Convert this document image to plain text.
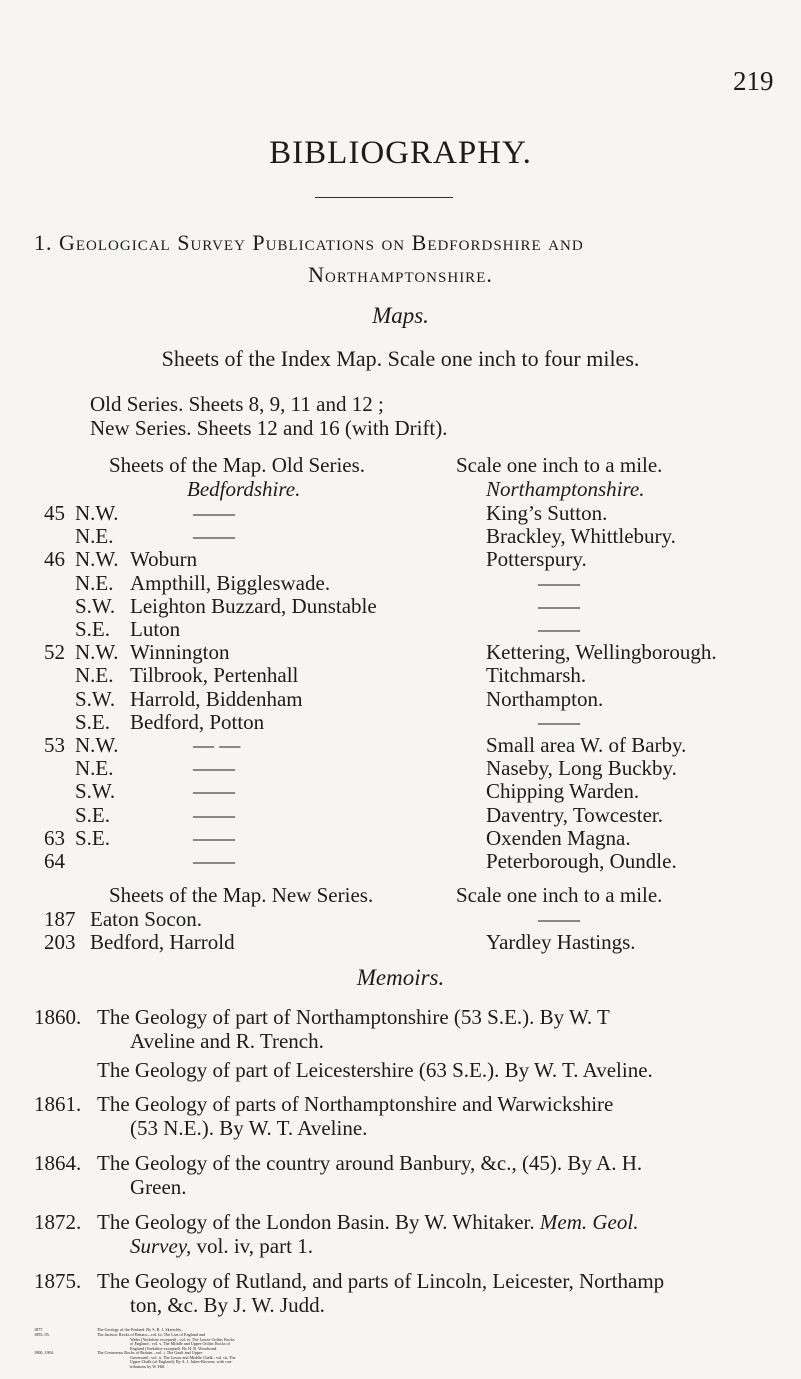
219
BIBLIOGRAPHY.
1. Geological Survey Publications on Bedfordshire and
Northamptonshire.
Maps.
Sheets of the Index Map. Scale one inch to four miles.
Old Series. Sheets 8, 9, 11 and 12 ;
New Series. Sheets 12 and 16 (with Drift).
Sheets of the Map. Old Series.	Scale one inch to a mile.
Bedfordshire.	Northamptonshire.
45 N.W.	——	King’s Sutton.
N.E.	——	Brackley, Whittlebury.
46 N.W. Woburn	Potterspury.
N.E. Ampthill, Biggleswade.	——
S.W. Leighton Buzzard, Dunstable	——
S.E. Luton	——
52 N.W. Winnington	Kettering, Wellingborough.
N.E. Tilbrook, Pertenhall	Titchmarsh.
S.W. Harrold, Biddenham	Northampton.
S.E. Bedford, Potton	——
53 N.W.	— —	Small area W. of Barby.
N.E.	——	Naseby, Long Buckby.
S.W.	——	Chipping Warden.
S.E.	——	Daventry, Towcester.
63 S.E.	——	Oxenden Magna.
64	——	Peterborough, Oundle.
Sheets of the Map. New Series.	Scale one inch to a mile.
187 Eaton Socon.	——
203 Bedford, Harrold	Yardley Hastings.
Memoirs.
1860. The Geology of part of Northamptonshire (53 S.E.). By W. T
Aveline and R. Trench.
The Geology of part of Leicestershire (63 S.E.). By W. T. Aveline.
1861. The Geology of parts of Northamptonshire and Warwickshire
(53 N.E.). By W. T. Aveline.
1864. The Geology of the country around Banbury, &c., (45). By A. H.
Green.
1872. The Geology of the London Basin. By W. Whitaker. Mem. Geol.
Survey, vol. iv, part 1.
1875. The Geology of Rutland, and parts of Lincoln, Leicester, Northamp
ton, &c. By J. W. Judd.
1877.	The Geology of the Fenland. By S. B. J. Skertchly.
1893–95.	The Jurassic Rocks of Britain—vol. iii, The Lias of England and
Wales (Yorkshire excepted) ; vol. iv, The Lower Oolitic Rocks
of England ; vol. v, The Middle and Upper Oolitic Rocks of
England (Yorkshire excepted). By H. B. Woodward.
1900–1904.	The Cretaceous Rocks of Britain—vol. i, The Gault and Upper
Greensand ; vol. ii, The Lower and Middle Chalk ; vol. iii, The
Upper Chalk (of England). By A. J. Jukes-Browne, with con-
tributions by W. Hill.
